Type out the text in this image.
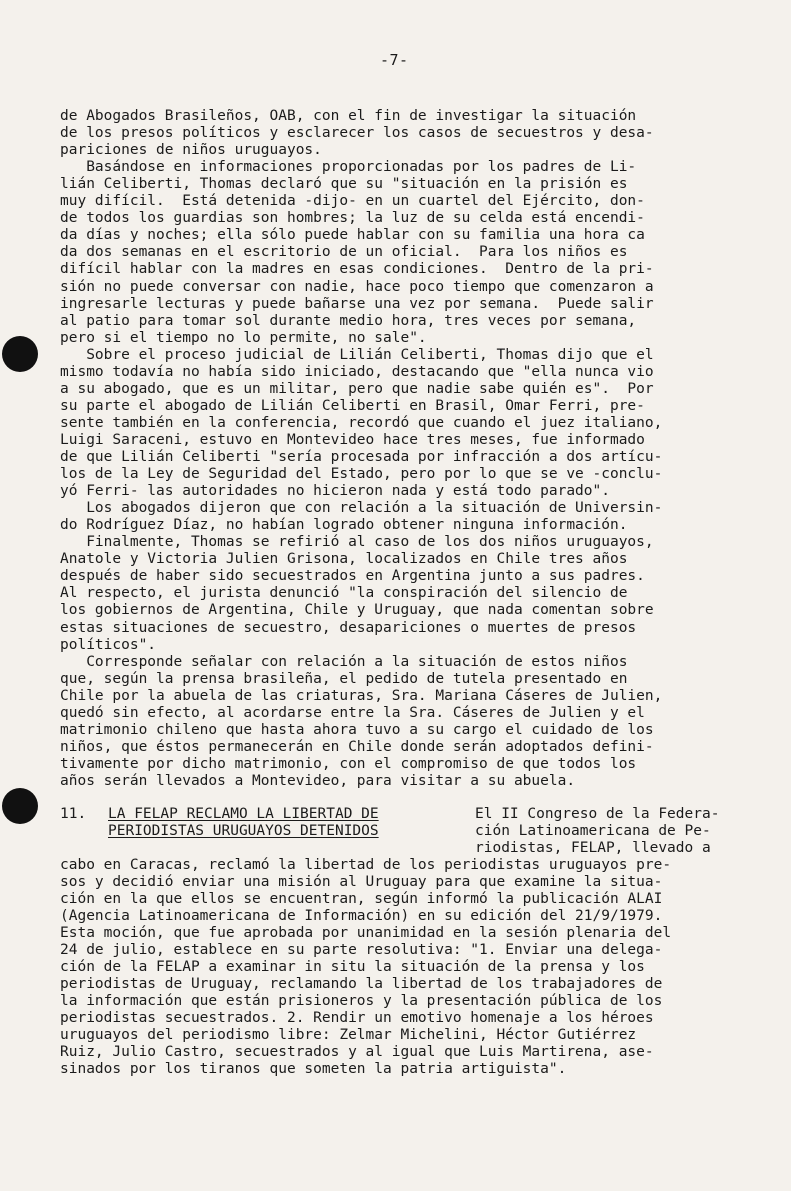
-7-
de Abogados Brasileños, OAB, con el fin de investigar la situación
de los presos políticos y esclarecer los casos de secuestros y desa-
pariciones de niños uruguayos.
Basándose en informaciones proporcionadas por los padres de Li-
lián Celiberti, Thomas declaró que su "situación en la prisión es
muy difícil.  Está detenida -dijo- en un cuartel del Ejército, don-
de todos los guardias son hombres; la luz de su celda está encendi-
da días y noches; ella sólo puede hablar con su familia una hora ca
da dos semanas en el escritorio de un oficial.  Para los niños es
difícil hablar con la madres en esas condiciones.  Dentro de la pri-
sión no puede conversar con nadie, hace poco tiempo que comenzaron a
ingresarle lecturas y puede bañarse una vez por semana.  Puede salir
al patio para tomar sol durante medio hora, tres veces por semana,
pero si el tiempo no lo permite, no sale".
Sobre el proceso judicial de Lilián Celiberti, Thomas dijo que el
mismo todavía no había sido iniciado, destacando que "ella nunca vio
a su abogado, que es un militar, pero que nadie sabe quién es".  Por
su parte el abogado de Lilián Celiberti en Brasil, Omar Ferri, pre-
sente también en la conferencia, recordó que cuando el juez italiano,
Luigi Saraceni, estuvo en Montevideo hace tres meses, fue informado
de que Lilián Celiberti "sería procesada por infracción a dos artícu-
los de la Ley de Seguridad del Estado, pero por lo que se ve -conclu-
yó Ferri- las autoridades no hicieron nada y está todo parado".
Los abogados dijeron que con relación a la situación de Universin-
do Rodríguez Díaz, no habían logrado obtener ninguna información.
Finalmente, Thomas se refirió al caso de los dos niños uruguayos,
Anatole y Victoria Julien Grisona, localizados en Chile tres años
después de haber sido secuestrados en Argentina junto a sus padres.
Al respecto, el jurista denunció "la conspiración del silencio de
los gobiernos de Argentina, Chile y Uruguay, que nada comentan sobre
estas situaciones de secuestro, desapariciones o muertes de presos
políticos".
Corresponde señalar con relación a la situación de estos niños
que, según la prensa brasileña, el pedido de tutela presentado en
Chile por la abuela de las criaturas, Sra. Mariana Cáseres de Julien,
quedó sin efecto, al acordarse entre la Sra. Cáseres de Julien y el
matrimonio chileno que hasta ahora tuvo a su cargo el cuidado de los
niños, que éstos permanecerán en Chile donde serán adoptados defini-
tivamente por dicho matrimonio, con el compromiso de que todos los
años serán llevados a Montevideo, para visitar a su abuela.
11. LA FELAP RECLAMO LA LIBERTAD DE
PERIODISTAS URUGUAYOS DETENIDOS
El II Congreso de la Federa-
ción Latinoamericana de Pe-
riodistas, FELAP, llevado a
cabo en Caracas, reclamó la libertad de los periodistas uruguayos pre-
sos y decidió enviar una misión al Uruguay para que examine la situa-
ción en la que ellos se encuentran, según informó la publicación ALAI
(Agencia Latinoamericana de Información) en su edición del 21/9/1979.
Esta moción, que fue aprobada por unanimidad en la sesión plenaria del
24 de julio, establece en su parte resolutiva: "1. Enviar una delega-
ción de la FELAP a examinar in situ la situación de la prensa y los
periodistas de Uruguay, reclamando la libertad de los trabajadores de
la información que están prisioneros y la presentación pública de los
periodistas secuestrados. 2. Rendir un emotivo homenaje a los héroes
uruguayos del periodismo libre: Zelmar Michelini, Héctor Gutiérrez
Ruiz, Julio Castro, secuestrados y al igual que Luis Martirena, ase-
sinados por los tiranos que someten la patria artiguista".
